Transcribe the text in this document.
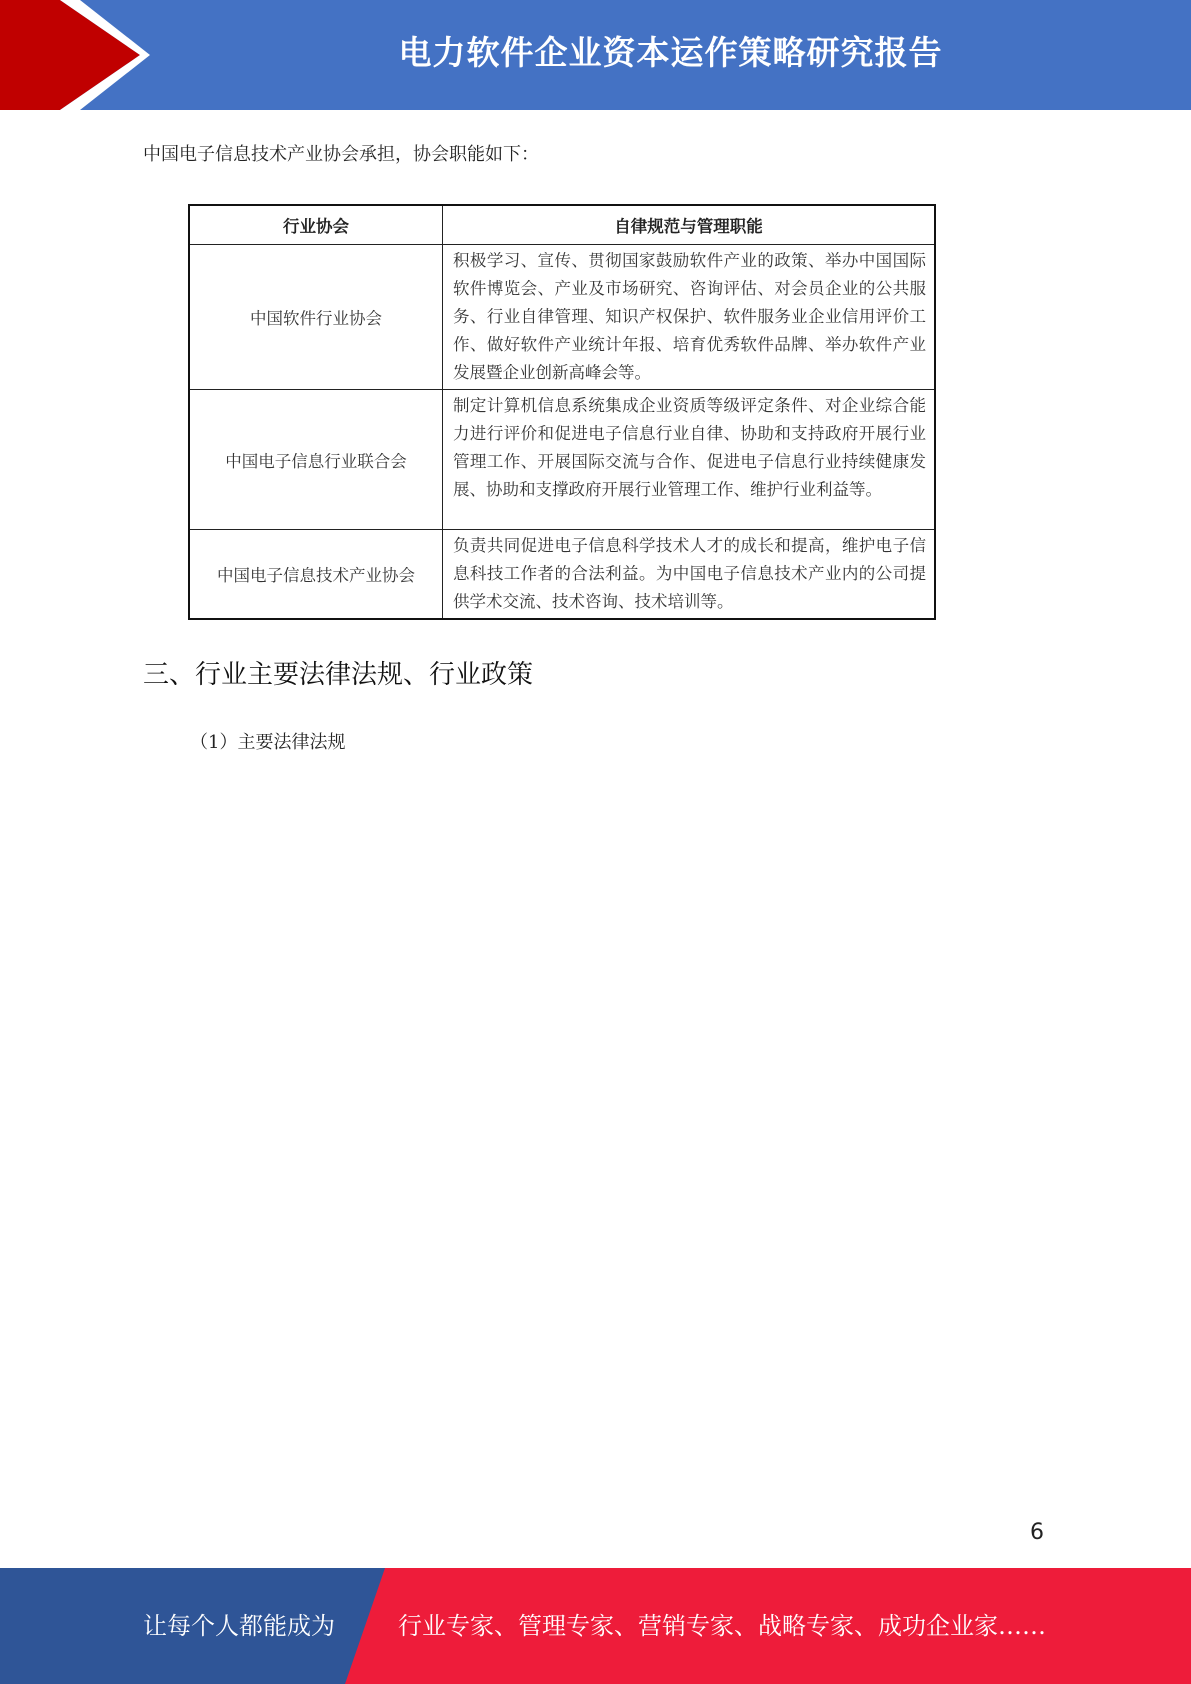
电力软件企业资本运作策略研究报告
中国电子信息技术产业协会承担，协会职能如下：
行业协会	自律规范与管理职能
中国软件行业协会	积极学习、宣传、贯彻国家鼓励软件产业的政策、举办中国国际软件博览会、产业及市场研究、咨询评估、对会员企业的公共服务、行业自律管理、知识产权保护、软件服务业企业信用评价工作、做好软件产业统计年报、培育优秀软件品牌、举办软件产业发展暨企业创新高峰会等。
中国电子信息行业联合会	制定计算机信息系统集成企业资质等级评定条件、对企业综合能力进行评价和促进电子信息行业自律、协助和支持政府开展行业管理工作、开展国际交流与合作、促进电子信息行业持续健康发展、协助和支撑政府开展行业管理工作、维护行业利益等。
中国电子信息技术产业协会	负责共同促进电子信息科学技术人才的成长和提高，维护电子信息科技工作者的合法利益。为中国电子信息技术产业内的公司提供学术交流、技术咨询、技术培训等。
三、行业主要法律法规、行业政策
（1）主要法律法规
6
让每个人都能成为	行业专家、管理专家、营销专家、战略专家、成功企业家……
